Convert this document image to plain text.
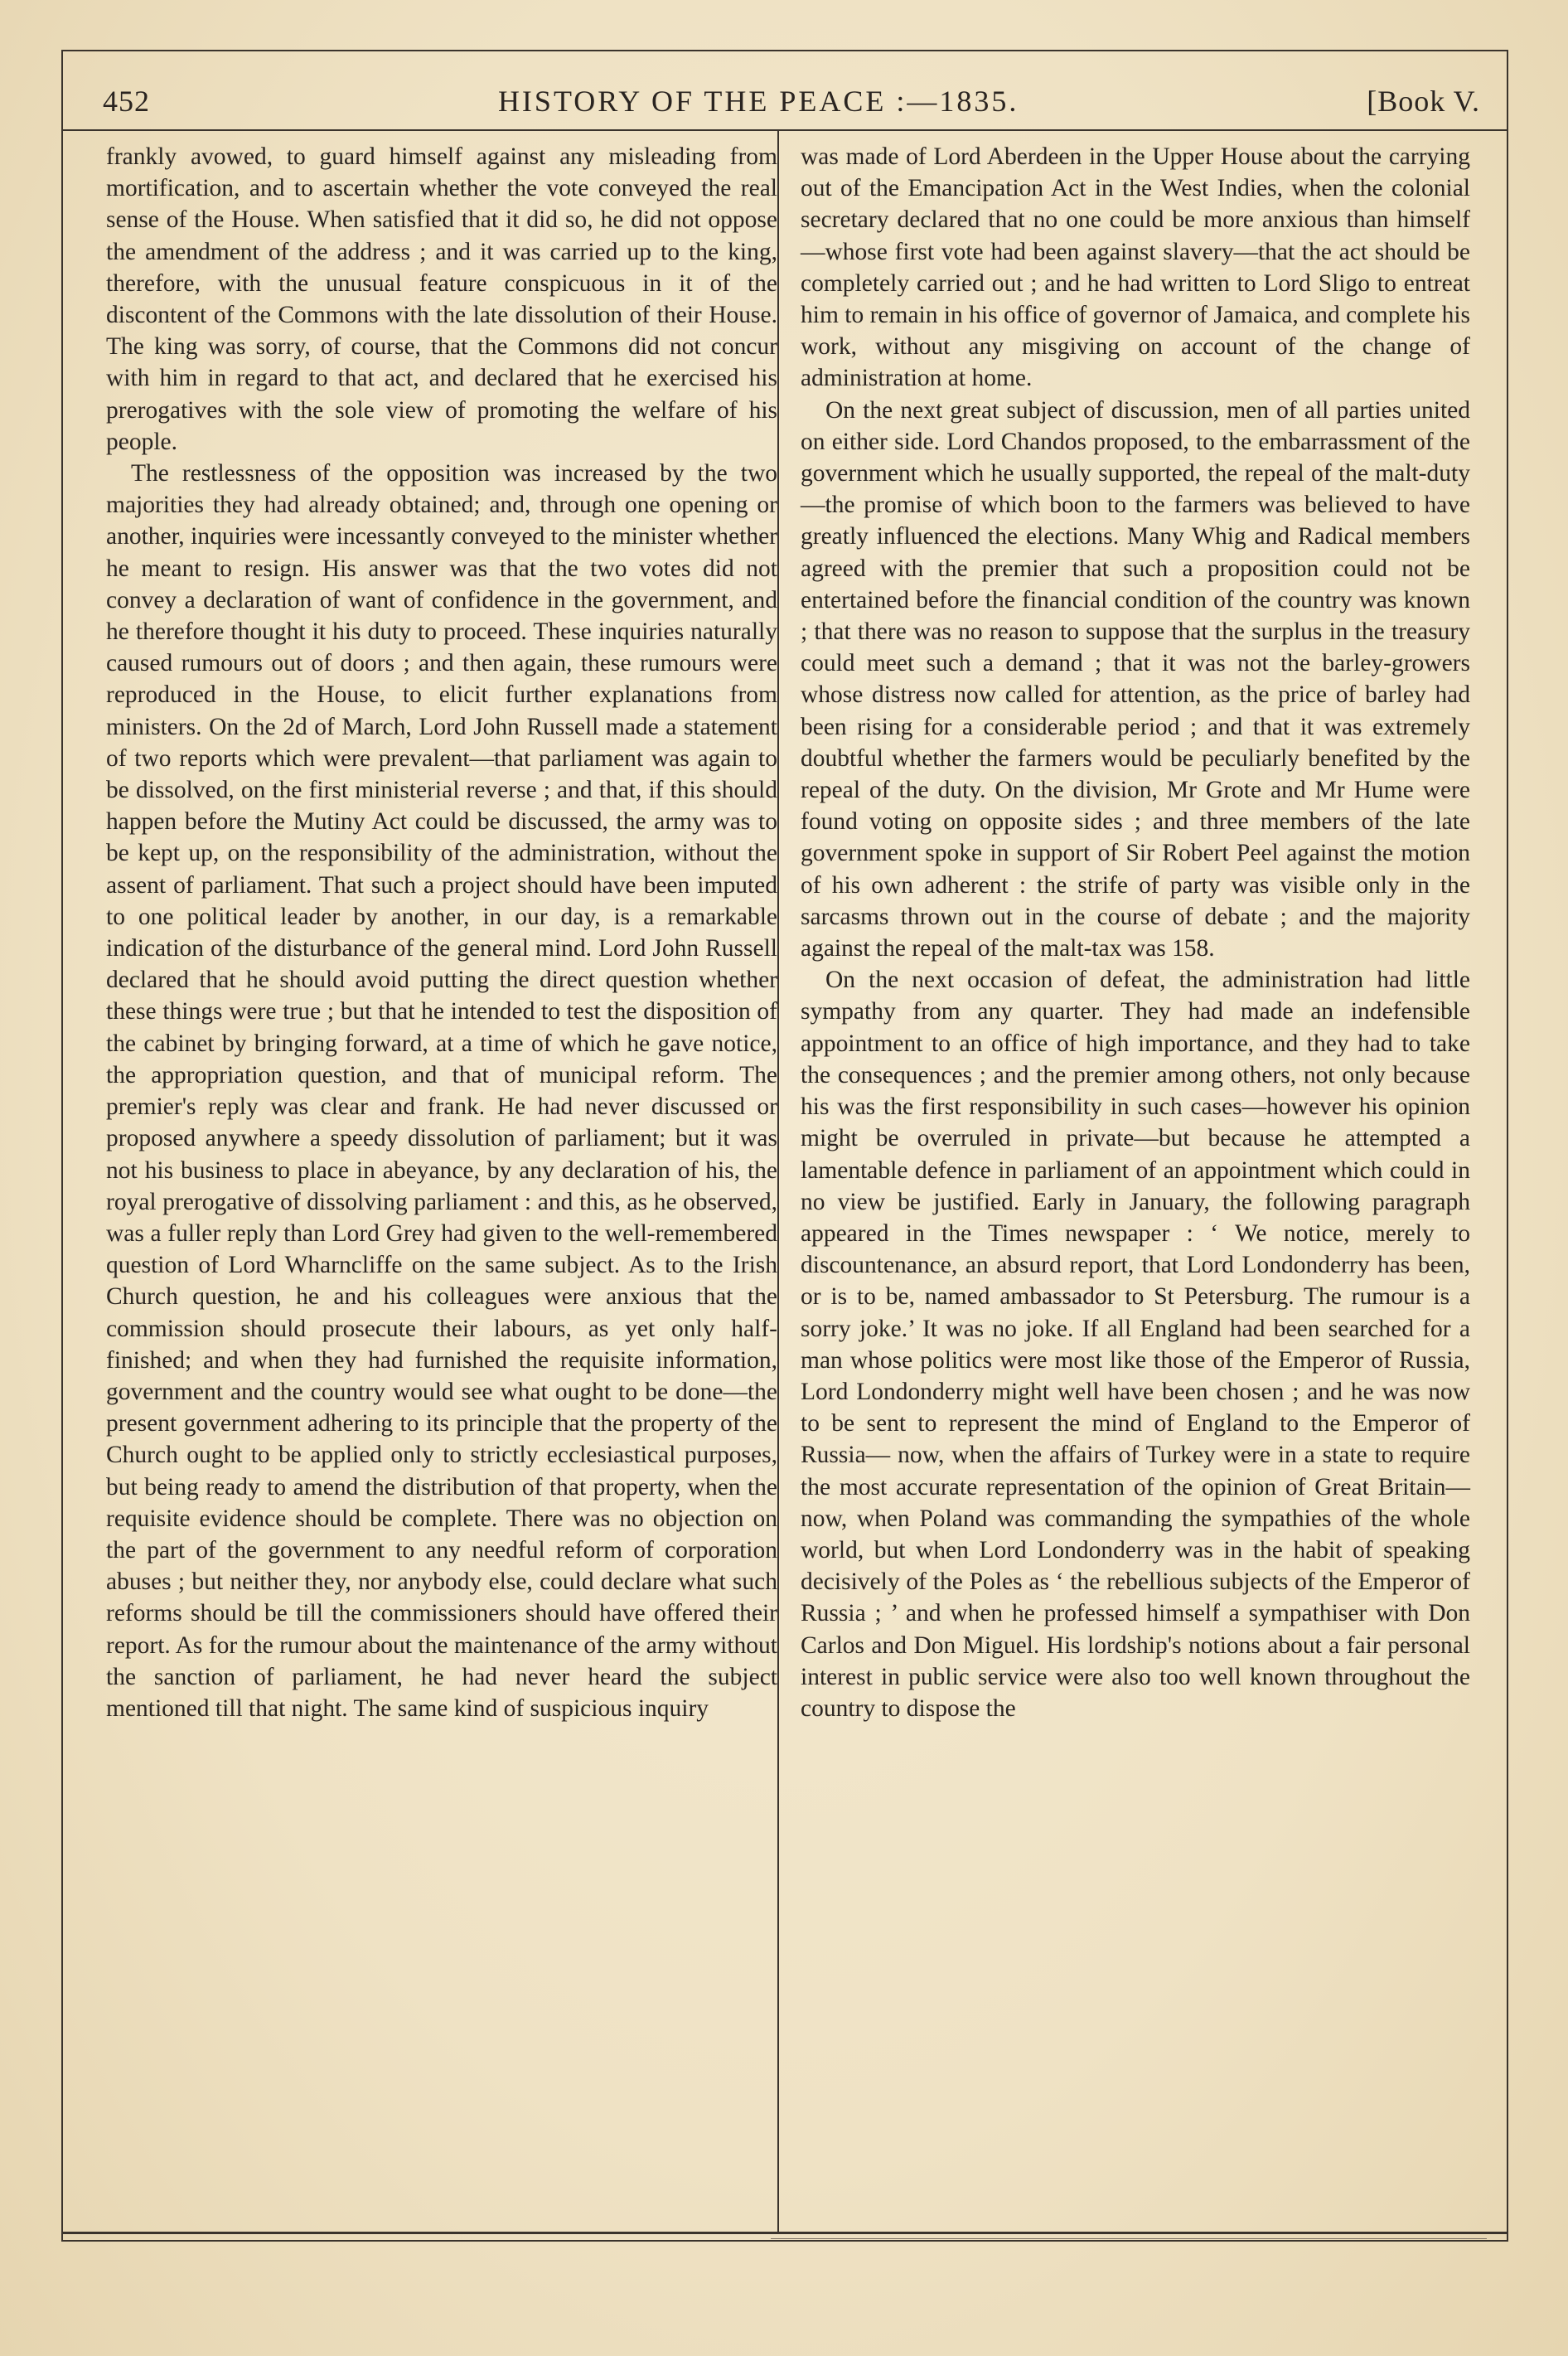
452	HISTORY OF THE PEACE :—1835.	[Book V.

frankly avowed, to guard himself against any misleading from mortification, and to ascertain whether the vote conveyed the real sense of the House. When satisfied that it did so, he did not oppose the amendment of the address ; and it was carried up to the king, therefore, with the unusual feature conspicuous in it of the discontent of the Commons with the late dissolution of their House. The king was sorry, of course, that the Commons did not concur with him in regard to that act, and declared that he exercised his prerogatives with the sole view of promoting the welfare of his people.

The restlessness of the opposition was increased by the two majorities they had already obtained; and, through one opening or another, inquiries were incessantly conveyed to the minister whether he meant to resign. His answer was that the two votes did not convey a declaration of want of confidence in the government, and he therefore thought it his duty to proceed. These inquiries naturally caused rumours out of doors ; and then again, these rumours were reproduced in the House, to elicit further explanations from ministers. On the 2d of March, Lord John Russell made a statement of two reports which were prevalent—that parliament was again to be dissolved, on the first ministerial reverse ; and that, if this should happen before the Mutiny Act could be discussed, the army was to be kept up, on the responsibility of the administration, without the assent of parliament. That such a project should have been imputed to one political leader by another, in our day, is a remarkable indication of the disturbance of the general mind. Lord John Russell declared that he should avoid putting the direct question whether these things were true ; but that he intended to test the disposition of the cabinet by bringing forward, at a time of which he gave notice, the appropriation question, and that of municipal reform. The premier's reply was clear and frank. He had never discussed or proposed anywhere a speedy dissolution of parliament; but it was not his business to place in abeyance, by any declaration of his, the royal prerogative of dissolving parliament : and this, as he observed, was a fuller reply than Lord Grey had given to the well-remembered question of Lord Wharncliffe on the same subject. As to the Irish Church question, he and his colleagues were anxious that the commission should prosecute their labours, as yet only half-finished; and when they had furnished the requisite information, government and the country would see what ought to be done—the present government adhering to its principle that the property of the Church ought to be applied only to strictly ecclesiastical purposes, but being ready to amend the distribution of that property, when the requisite evidence should be complete. There was no objection on the part of the government to any needful reform of corporation abuses ; but neither they, nor anybody else, could declare what such reforms should be till the commissioners should have offered their report. As for the rumour about the maintenance of the army without the sanction of parliament, he had never heard the subject mentioned till that night. The same kind of suspicious inquiry

was made of Lord Aberdeen in the Upper House about the carrying out of the Emancipation Act in the West Indies, when the colonial secretary declared that no one could be more anxious than himself —whose first vote had been against slavery—that the act should be completely carried out ; and he had written to Lord Sligo to entreat him to remain in his office of governor of Jamaica, and complete his work, without any misgiving on account of the change of administration at home.

On the next great subject of discussion, men of all parties united on either side. Lord Chandos proposed, to the embarrassment of the government which he usually supported, the repeal of the malt-duty—the promise of which boon to the farmers was believed to have greatly influenced the elections. Many Whig and Radical members agreed with the premier that such a proposition could not be entertained before the financial condition of the country was known ; that there was no reason to suppose that the surplus in the treasury could meet such a demand ; that it was not the barley-growers whose distress now called for attention, as the price of barley had been rising for a considerable period ; and that it was extremely doubtful whether the farmers would be peculiarly benefited by the repeal of the duty. On the division, Mr Grote and Mr Hume were found voting on opposite sides ; and three members of the late government spoke in support of Sir Robert Peel against the motion of his own adherent : the strife of party was visible only in the sarcasms thrown out in the course of debate ; and the majority against the repeal of the malt-tax was 158.

On the next occasion of defeat, the administration had little sympathy from any quarter. They had made an indefensible appointment to an office of high importance, and they had to take the consequences ; and the premier among others, not only because his was the first responsibility in such cases—however his opinion might be overruled in private—but because he attempted a lamentable defence in parliament of an appointment which could in no view be justified. Early in January, the following paragraph appeared in the Times newspaper : ‘ We notice, merely to discountenance, an absurd report, that Lord Londonderry has been, or is to be, named ambassador to St Petersburg. The rumour is a sorry joke.’ It was no joke. If all England had been searched for a man whose politics were most like those of the Emperor of Russia, Lord Londonderry might well have been chosen ; and he was now to be sent to represent the mind of England to the Emperor of Russia— now, when the affairs of Turkey were in a state to require the most accurate representation of the opinion of Great Britain—now, when Poland was commanding the sympathies of the whole world, but when Lord Londonderry was in the habit of speaking decisively of the Poles as ‘ the rebellious subjects of the Emperor of Russia ; ’ and when he professed himself a sympathiser with Don Carlos and Don Miguel. His lordship's notions about a fair personal interest in public service were also too well known throughout the country to dispose the
